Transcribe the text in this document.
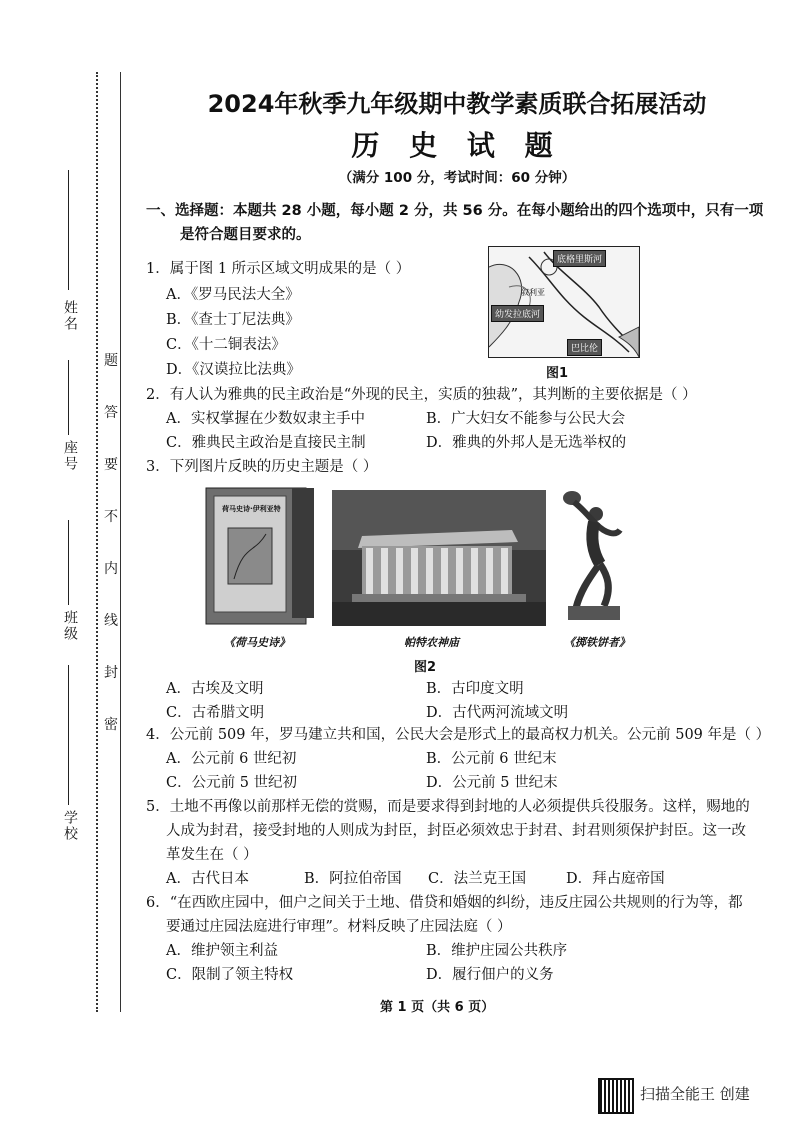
姓名
座号
班级
学校
题
答
要
不
内
线
封
密
2024年秋季九年级期中教学素质联合拓展活动
历 史 试 题
（满分 100 分，考试时间：60 分钟）
一、选择题：本题共 28 小题，每小题 2 分，共 56 分。在每小题给出的四个选项中，只有一项
是符合题目要求的。
1．属于图 1 所示区域文明成果的是（ ）
A．《罗马民法大全》
B．《查士丁尼法典》
C．《十二铜表法》
D．《汉谟拉比法典》
底格里斯河
幼发拉底河
巴比伦
叙利亚
图1
2．有人认为雅典的民主政治是“外现的民主，实质的独裁”，其判断的主要依据是（ ）
A．实权掌握在少数奴隶主手中	B．广大妇女不能参与公民大会
C．雅典民主政治是直接民主制	D．雅典的外邦人是无选举权的
3．下列图片反映的历史主题是（ ）
荷马史诗·伊利亚特
《荷马史诗》	帕特农神庙	《掷铁饼者》
图2
A．古埃及文明	B．古印度文明
C．古希腊文明	D．古代两河流域文明
4．公元前 509 年，罗马建立共和国，公民大会是形式上的最高权力机关。公元前 509 年是（ ）
A．公元前 6 世纪初	B．公元前 6 世纪末
C．公元前 5 世纪初	D．公元前 5 世纪末
5．土地不再像以前那样无偿的赏赐，而是要求得到封地的人必须提供兵役服务。这样，赐地的
人成为封君，接受封地的人则成为封臣，封臣必须效忠于封君、封君则须保护封臣。这一改
革发生在（ ）
A．古代日本	B．阿拉伯帝国 C．法兰克王国	D．拜占庭帝国
6．“在西欧庄园中，佃户之间关于土地、借贷和婚姻的纠纷，违反庄园公共规则的行为等，都
要通过庄园法庭进行审理”。材料反映了庄园法庭（ ）
A．维护领主利益	B．维护庄园公共秩序
C．限制了领主特权	D．履行佃户的义务
第 1 页（共 6 页）
扫描全能王 创建
